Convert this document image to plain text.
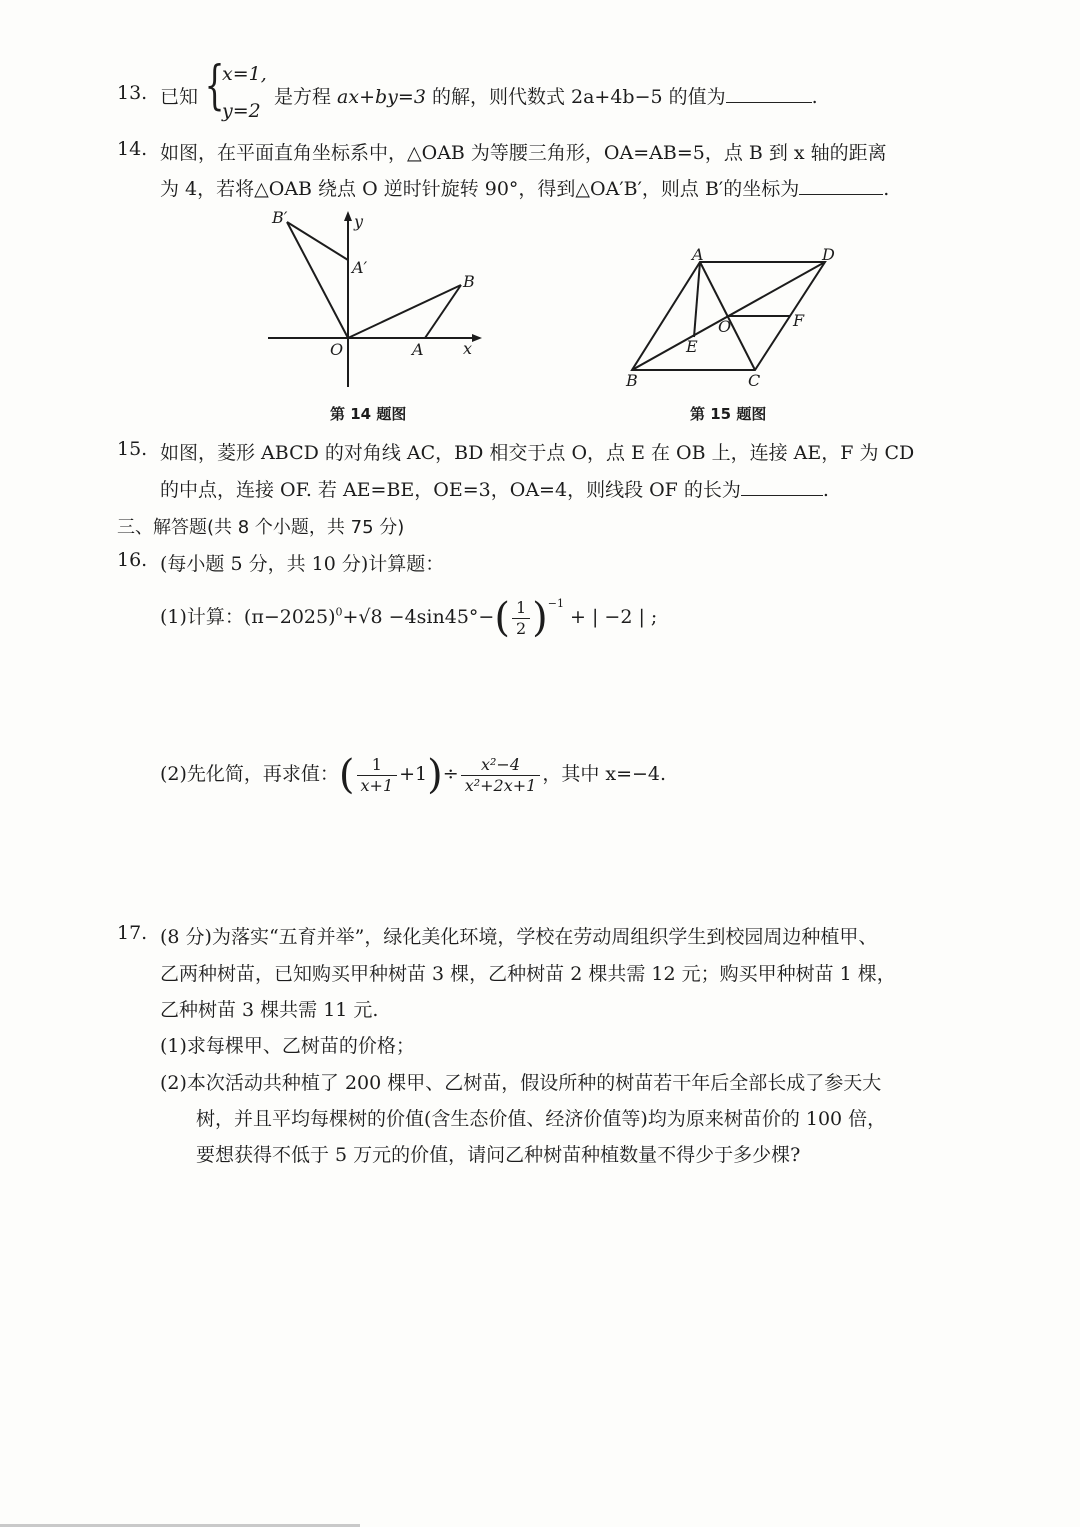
13. 已知 {
x=1,
y=2
是方程 ax+by=3 的解，则代数式 2a+4b−5 的值为	.
14. 如图，在平面直角坐标系中，△OAB 为等腰三角形，OA=AB=5，点 B 到 x 轴的距离
为 4，若将△OAB 绕点 O 逆时针旋转 90°，得到△OA′B′，则点 B′的坐标为	.
B′	y
A′
B
O	A x
第 14 题图
A	D
O	F
E
B	C
第 15 题图
15. 如图，菱形 ABCD 的对角线 AC，BD 相交于点 O，点 E 在 OB 上，连接 AE，F 为 CD
的中点，连接 OF. 若 AE=BE，OE=3，OA=4，则线段 OF 的长为	.
三、解答题(共 8 个小题，共 75 分)
16. (每小题 5 分，共 10 分)计算题：
(1)计算：$(\pi-2025)^0+√8 -4\sin 45^\circ-( \frac{1}{2} )^{-1}$ + | −2 | ;
(2)先化简，再求值：( $\frac{1}{x+1} +1)\div \frac{\text{x²−4}}{\text{x²+2x+1}}$ ，其中 x=−4.
17. (8 分)为落实“五育并举”，绿化美化环境，学校在劳动周组织学生到校园周边种植甲、
乙两种树苗，已知购买甲种树苗 3 棵，乙种树苗 2 棵共需 12 元；购买甲种树苗 1 棵，
乙种树苗 3 棵共需 11 元.
(1)求每棵甲、乙树苗的价格；
(2)本次活动共种植了 200 棵甲、乙树苗，假设所种的树苗若干年后全部长成了参天大
树，并且平均每棵树的价值(含生态价值、经济价值等)均为原来树苗价的 100 倍，
要想获得不低于 5 万元的价值，请问乙种树苗种植数量不得少于多少棵?
